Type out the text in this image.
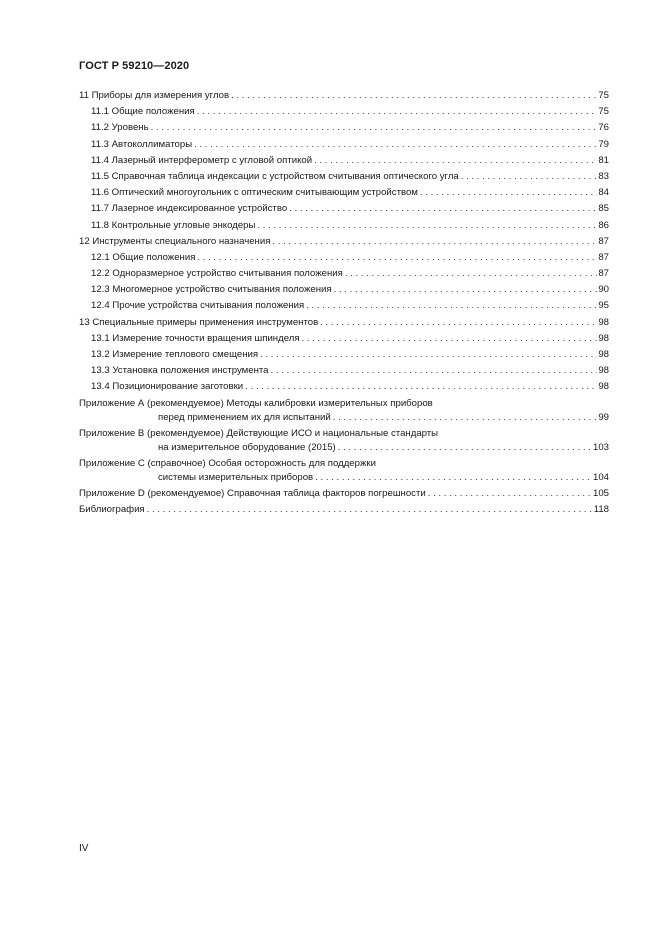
ГОСТ Р 59210—2020
11 Приборы для измерения углов . . .	75
11.1 Общие положения . . .	75
11.2 Уровень . . .	76
11.3 Автоколлиматоры . . .	79
11.4 Лазерный интерферометр с угловой оптикой . . .	81
11.5 Справочная таблица индексации с устройством считывания оптического угла . . .	83
11.6 Оптический многоугольник с оптическим считывающим устройством . . .	84
11.7 Лазерное индексированное устройство . . .	85
11.8 Контрольные угловые энкодеры . . .	86
12 Инструменты специального назначения . . .	87
12.1 Общие положения . . .	87
12.2 Одноразмерное устройство считывания положения . . .	87
12.3 Многомерное устройство считывания положения . . .	90
12.4 Прочие устройства считывания положения . . .	95
13 Специальные примеры применения инструментов . . .	98
13.1 Измерение точности вращения шпинделя . . .	98
13.2 Измерение теплового смещения . . .	98
13.3 Установка положения инструмента . . .	98
13.4 Позиционирование заготовки . . .	98
Приложение А (рекомендуемое) Методы калибровки измерительных приборов
перед применением их для испытаний . . .	99
Приложение В (рекомендуемое) Действующие ИСО и национальные стандарты
на измерительное оборудование (2015) . . .	103
Приложение С (справочное) Особая осторожность для поддержки
системы измерительных приборов . . .	104
Приложение D (рекомендуемое) Справочная таблица факторов погрешности . . .	105
Библиография . . .	118
IV
